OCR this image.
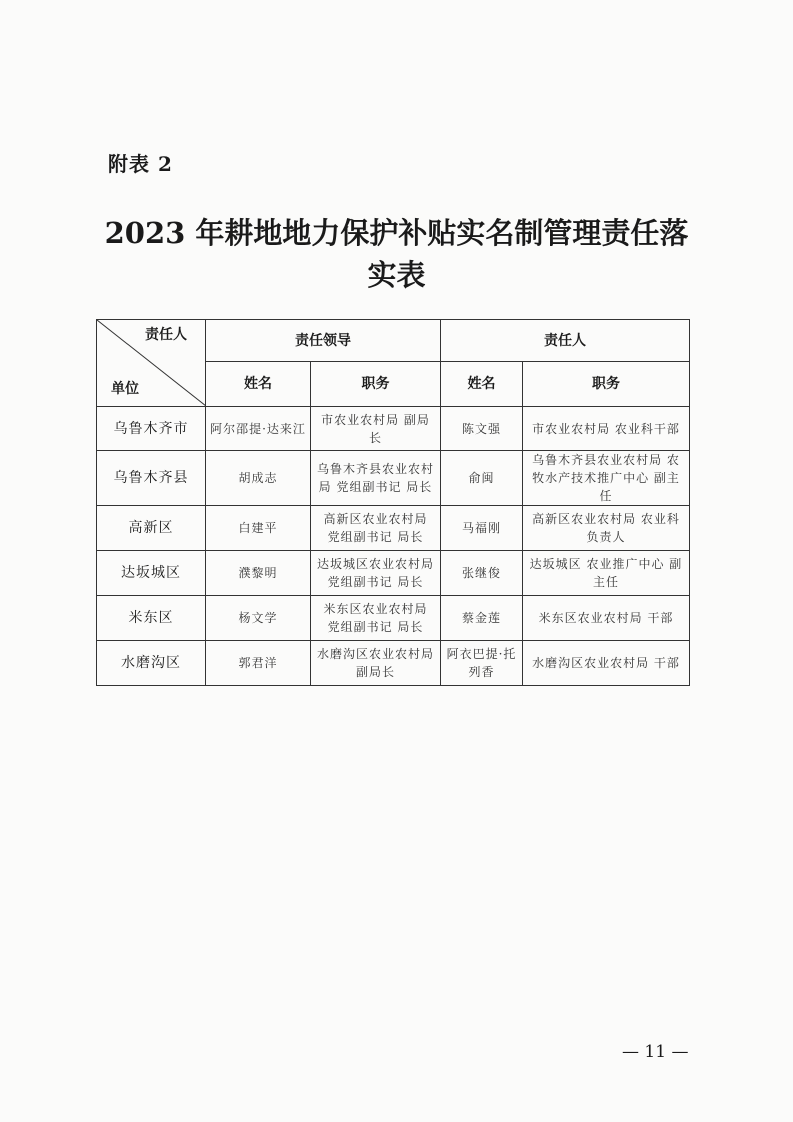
附表 2
2023 年耕地地力保护补贴实名制管理责任落
实表
责任人
单位	责任领导		责任人	
	姓名	职务	姓名	职务
乌鲁木齐市	阿尔邵提·达来江	市农业农村局 副局长	陈文强	市农业农村局 农业科干部
乌鲁木齐县	胡成志	乌鲁木齐县农业农村局 党组副书记 局长	俞闽	乌鲁木齐县农业农村局 农牧水产技术推广中心 副主任
高新区	白建平	高新区农业农村局 党组副书记 局长	马福刚	高新区农业农村局 农业科负责人
达坂城区	濮黎明	达坂城区农业农村局 党组副书记 局长	张继俊	达坂城区 农业推广中心 副主任
米东区	杨文学	米东区农业农村局 党组副书记 局长	蔡金莲	米东区农业农村局 干部
水磨沟区	郭君洋	水磨沟区农业农村局 副局长	阿衣巴提·托列香	水磨沟区农业农村局 干部
— 11 —
